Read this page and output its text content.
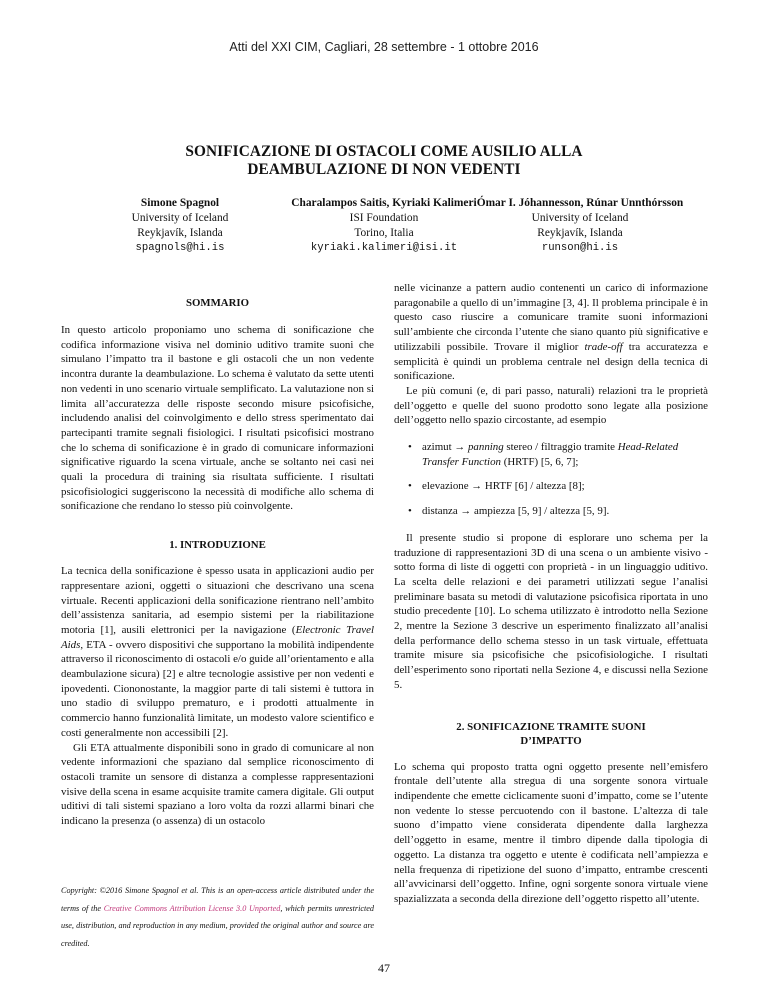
Atti del XXI CIM, Cagliari, 28 settembre - 1 ottobre 2016
SONIFICAZIONE DI OSTACOLI COME AUSILIO ALLA
DEAMBULAZIONE DI NON VEDENTI
Simone Spagnol
University of Iceland
Reykjavík, Islanda
spagnols@hi.is
Charalampos Saitis, Kyriaki Kalimeri
ISI Foundation
Torino, Italia
kyriaki.kalimeri@isi.it
Ómar I. Jóhannesson, Rúnar Unnthórsson
University of Iceland
Reykjavík, Islanda
runson@hi.is
SOMMARIO

In questo articolo proponiamo uno schema di sonificazione che codifica informazione visiva nel dominio uditivo tramite suoni che simulano l’impatto tra il bastone e gli ostacoli che un non vedente incontra durante la deambulazione. Lo schema è valutato da sette utenti non vedenti in uno scenario virtuale semplificato. La valutazione non si limita all’accuratezza delle risposte secondo misure psicofisiche, includendo analisi del coinvolgimento e dello stress sperimentato dai partecipanti tramite segnali fisiologici. I risultati psicofisici mostrano che lo schema di sonificazione è in grado di comunicare informazioni significative riguardo la scena virtuale, anche se soltanto nei casi nei quali la procedura di training sia risultata sufficiente. I risultati psicofisiologici suggeriscono la necessità di modifiche allo schema di sonificazione che rendano lo stesso più coinvolgente.

1. INTRODUZIONE

La tecnica della sonificazione è spesso usata in applicazioni audio per rappresentare azioni, oggetti o situazioni che descrivano una scena virtuale. Recenti applicazioni della sonificazione rientrano nell’ambito dell’assistenza sanitaria, ad esempio sistemi per la riabilitazione motoria [1], ausili elettronici per la navigazione (Electronic Travel Aids, ETA - ovvero dispositivi che supportano la mobilità indipendente attraverso il riconoscimento di ostacoli e/o guide all’orientamento e alla deambulazione sicura) [2] e altre tecnologie assistive per non vedenti e ipovedenti. Ciononostante, la maggior parte di tali sistemi è tuttora in uno stadio di sviluppo prematuro, e i prodotti attualmente in commercio hanno funzionalità limitate, un modesto valore scientifico e costi generalmente non accessibili [2].

Gli ETA attualmente disponibili sono in grado di comunicare al non vedente informazioni che spaziano dal semplice riconoscimento di ostacoli tramite un sensore di distanza a complesse rappresentazioni visive della scena in esame acquisite tramite camera digitale. Gli output uditivi di tali sistemi spaziano a loro volta da rozzi allarmi binari che indicano la presenza (o assenza) di un ostacolo

Copyright: ©2016 Simone Spagnol et al. This is an open-access article distributed under the terms of the Creative Commons Attribution License 3.0 Unported, which permits unrestricted use, distribution, and reproduction in any medium, provided the original author and source are credited.

nelle vicinanze a pattern audio contenenti un carico di informazione paragonabile a quello di un’immagine [3, 4]. Il problema principale è in questo caso riuscire a comunicare tramite suoni informazioni sull’ambiente che circonda l’utente che siano quanto più significative e utilizzabili possibile. Trovare il miglior trade-off tra accuratezza e semplicità è quindi un problema centrale nel design della tecnica di sonificazione.

Le più comuni (e, di pari passo, naturali) relazioni tra le proprietà dell’oggetto e quelle del suono prodotto sono legate alla posizione dell’oggetto nello spazio circostante, ad esempio

• azimut → panning stereo / filtraggio tramite Head-Related Transfer Function (HRTF) [5, 6, 7];
• elevazione → HRTF [6] / altezza [8];
• distanza → ampiezza [5, 9] / altezza [5, 9].

Il presente studio si propone di esplorare uno schema per la traduzione di rappresentazioni 3D di una scena o un ambiente visivo - sotto forma di liste di oggetti con proprietà - in un linguaggio uditivo. La scelta delle relazioni e dei parametri utilizzati segue l’analisi preliminare basata su metodi di valutazione psicofisica riportata in uno studio precedente [10]. Lo schema utilizzato è introdotto nella Sezione 2, mentre la Sezione 3 descrive un esperimento finalizzato all’analisi della performance dello schema stesso in un task virtuale, effettuata tramite misure sia psicofisiche che psicofisiologiche. I risultati dell’esperimento sono riportati nella Sezione 4, e discussi nella Sezione 5.

2. SONIFICAZIONE TRAMITE SUONI
D’IMPATTO

Lo schema qui proposto tratta ogni oggetto presente nell’emisfero frontale dell’utente alla stregua di una sorgente sonora virtuale indipendente che emette ciclicamente suoni d’impatto, come se l’utente non vedente lo stesse percuotendo con il bastone. L’altezza di tale suono d’impatto viene considerata dipendente dalla larghezza dell’oggetto in esame, mentre il timbro dipende dalla tipologia di oggetto. La distanza tra oggetto e utente è codificata nell’ampiezza e nella frequenza di ripetizione del suono d’impatto, entrambe crescenti all’avvicinarsi dell’oggetto. Infine, ogni sorgente sonora virtuale viene spazializzata a seconda della direzione dell’oggetto rispetto all’utente.

47
